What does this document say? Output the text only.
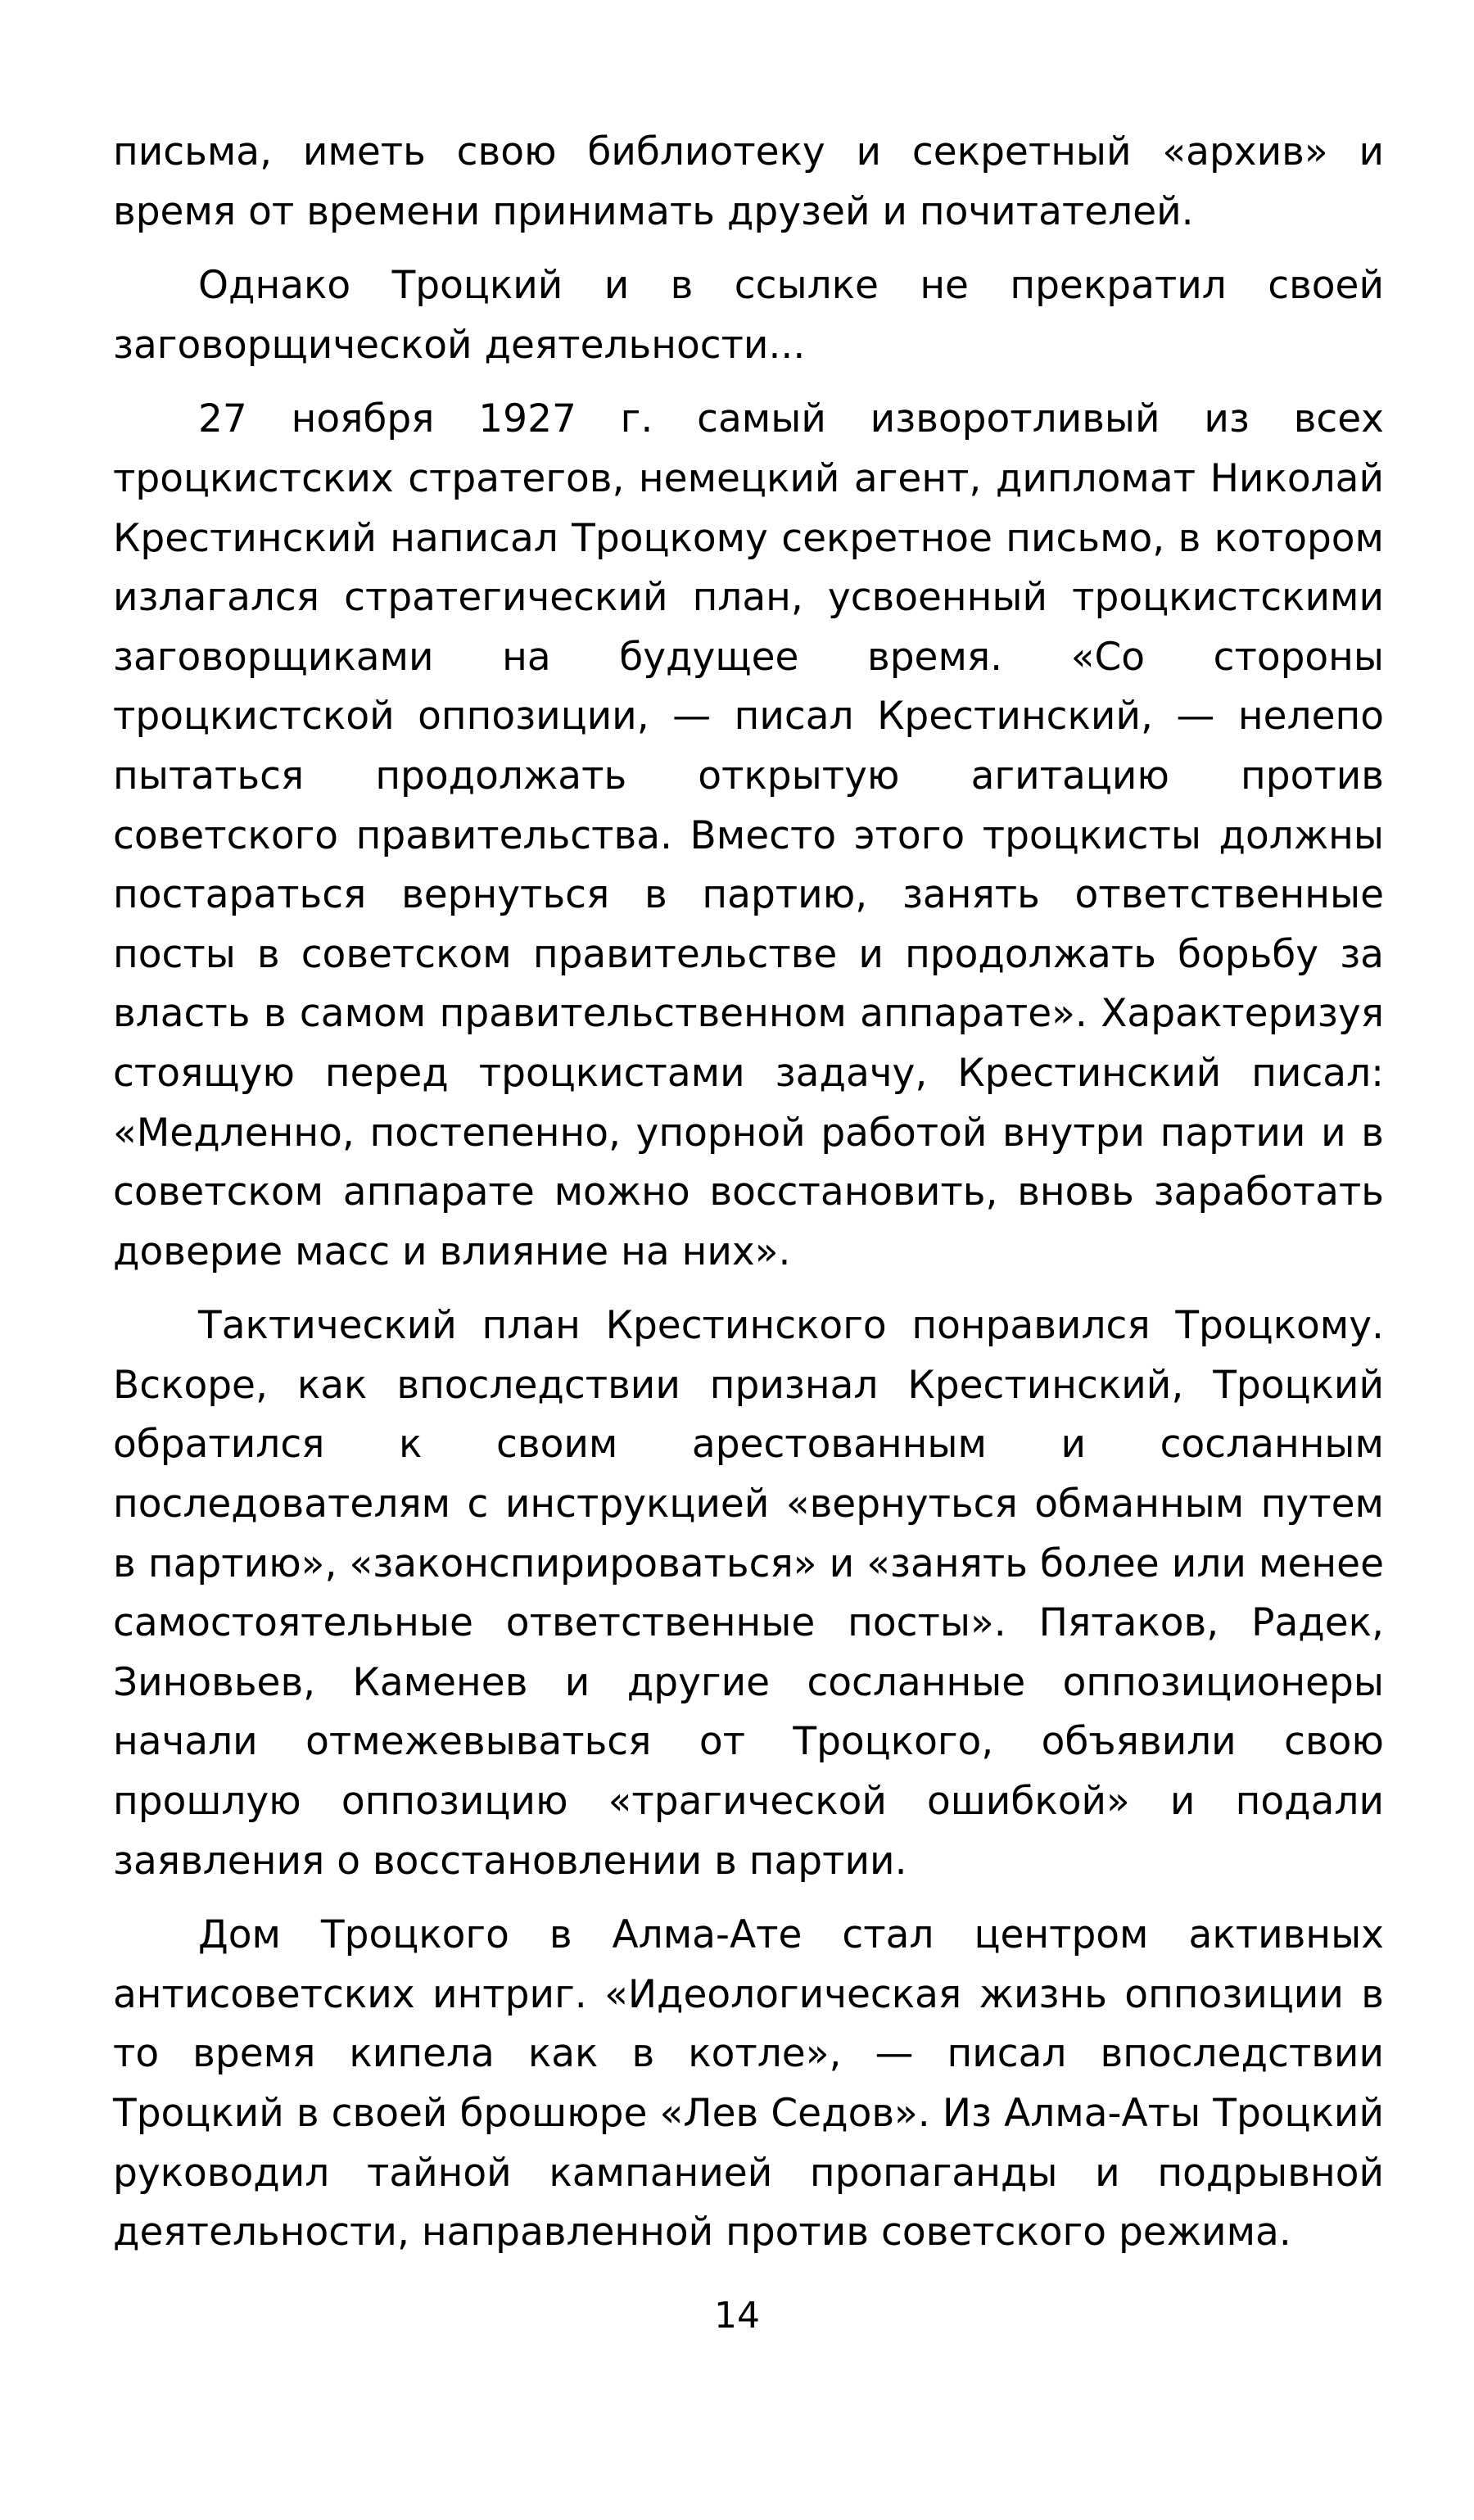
письма, иметь свою библиотеку и секретный «архив» и время от времени принимать друзей и почитателей.

Однако Троцкий и в ссылке не прекратил своей заговорщической деятельности...

27 ноября 1927 г. самый изворотливый из всех троцкистских стратегов, немецкий агент, дипломат Николай Крестинский написал Троцкому секретное письмо, в котором излагался стратегический план, усвоенный троцкистскими заговорщиками на будущее время. «Со стороны троцкистской оппозиции, — писал Крестинский, — нелепо пытаться продолжать открытую агитацию против советского правительства. Вместо этого троцкисты должны постараться вернуться в партию, занять ответственные посты в советском правительстве и продолжать борьбу за власть в самом правительственном аппарате». Характеризуя стоящую перед троцкистами задачу, Крестинский писал: «Медленно, постепенно, упорной работой внутри партии и в советском аппарате можно восстановить, вновь заработать доверие масс и влияние на них».

Тактический план Крестинского понравился Троцкому. Вскоре, как впоследствии признал Крестинский, Троцкий обратился к своим арестованным и сосланным последователям с инструкцией «вернуться обманным путем в партию», «законспирироваться» и «занять более или менее самостоятельные ответственные посты». Пятаков, Радек, Зиновьев, Каменев и другие сосланные оппозиционеры начали отмежевываться от Троцкого, объявили свою прошлую оппозицию «трагической ошибкой» и подали заявления о восстановлении в партии.

Дом Троцкого в Алма-Ате стал центром активных антисоветских интриг. «Идеологическая жизнь оппозиции в то время кипела как в котле», — писал впоследствии Троцкий в своей брошюре «Лев Седов». Из Алма-Аты Троцкий руководил тайной кампанией пропаганды и подрывной деятельности, направленной против советского режима.

14
